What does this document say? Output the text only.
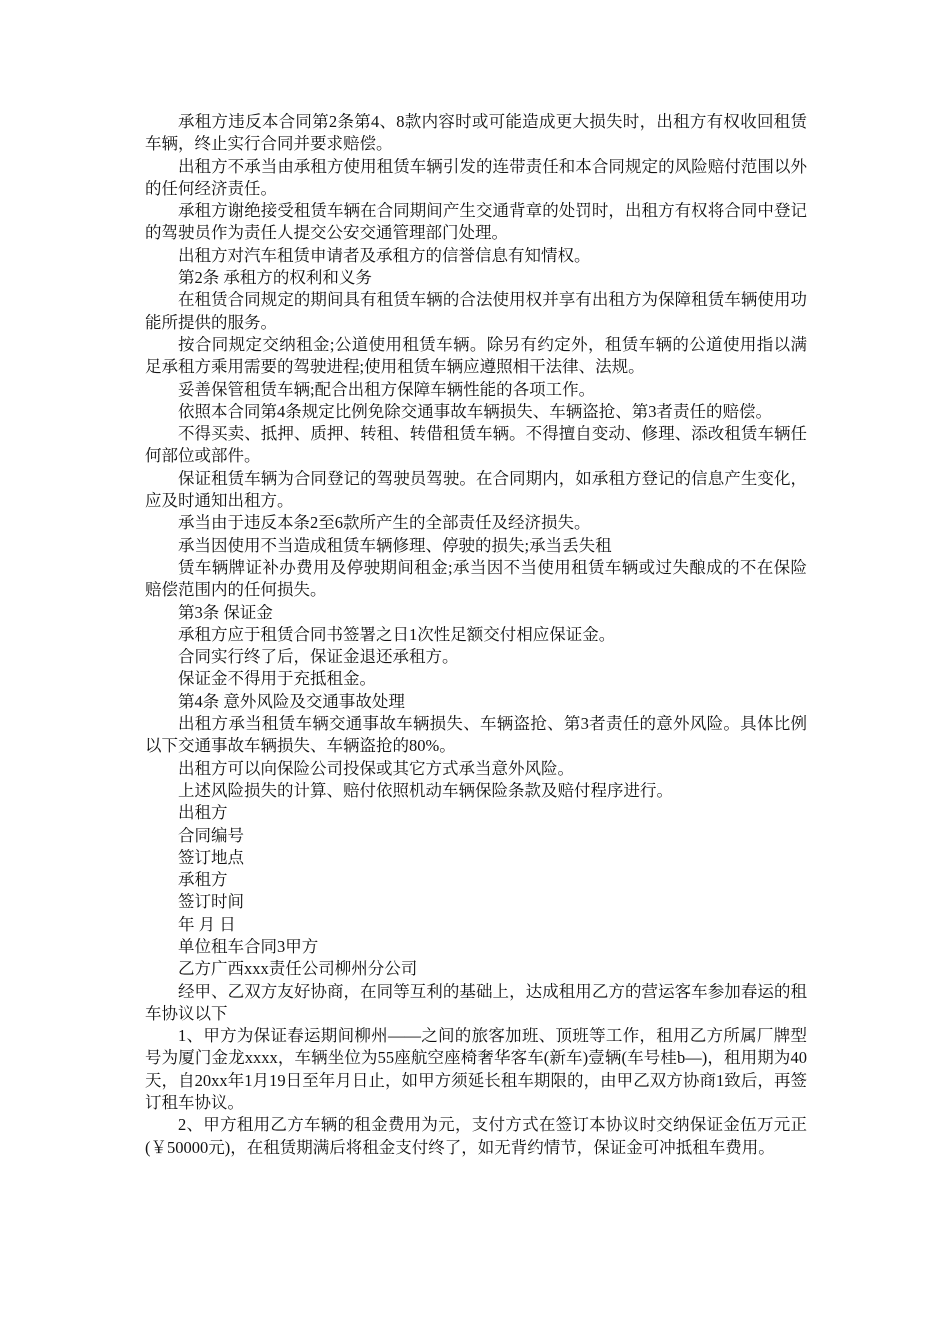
承租方违反本合同第2条第4、8款内容时或可能造成更大损失时，出租方有权收回租赁车辆，终止实行合同并要求赔偿。

出租方不承当由承租方使用租赁车辆引发的连带责任和本合同规定的风险赔付范围以外的任何经济责任。

承租方谢绝接受租赁车辆在合同期间产生交通背章的处罚时，出租方有权将合同中登记的驾驶员作为责任人提交公安交通管理部门处理。

出租方对汽车租赁申请者及承租方的信誉信息有知情权。

第2条 承租方的权利和义务

在租赁合同规定的期间具有租赁车辆的合法使用权并享有出租方为保障租赁车辆使用功能所提供的服务。

按合同规定交纳租金;公道使用租赁车辆。除另有约定外，租赁车辆的公道使用指以满足承租方乘用需要的驾驶进程;使用租赁车辆应遵照相干法律、法规。

妥善保管租赁车辆;配合出租方保障车辆性能的各项工作。

依照本合同第4条规定比例免除交通事故车辆损失、车辆盗抢、第3者责任的赔偿。

不得买卖、抵押、质押、转租、转借租赁车辆。不得擅自变动、修理、添改租赁车辆任何部位或部件。

保证租赁车辆为合同登记的驾驶员驾驶。在合同期内，如承租方登记的信息产生变化，应及时通知出租方。

承当由于违反本条2至6款所产生的全部责任及经济损失。

承当因使用不当造成租赁车辆修理、停驶的损失;承当丢失租

赁车辆牌证补办费用及停驶期间租金;承当因不当使用租赁车辆或过失酿成的不在保险赔偿范围内的任何损失。

第3条 保证金

承租方应于租赁合同书签署之日1次性足额交付相应保证金。

合同实行终了后，保证金退还承租方。

保证金不得用于充抵租金。

第4条 意外风险及交通事故处理

出租方承当租赁车辆交通事故车辆损失、车辆盗抢、第3者责任的意外风险。具体比例以下交通事故车辆损失、车辆盗抢的80%。

出租方可以向保险公司投保或其它方式承当意外风险。

上述风险损失的计算、赔付依照机动车辆保险条款及赔付程序进行。

出租方

合同编号

签订地点

承租方

签订时间

年 月 日

单位租车合同3甲方

乙方广西xxx责任公司柳州分公司

经甲、乙双方友好协商，在同等互利的基础上，达成租用乙方的营运客车参加春运的租车协议以下

1、甲方为保证春运期间柳州——之间的旅客加班、顶班等工作，租用乙方所属厂牌型号为厦门金龙xxxx，车辆坐位为55座航空座椅奢华客车(新车)壹辆(车号桂b—)，租用期为40天，自20xx年1月19日至年月日止，如甲方须延长租车期限的，由甲乙双方协商1致后，再签订租车协议。

2、甲方租用乙方车辆的租金费用为元，支付方式在签订本协议时交纳保证金伍万元正(￥50000元)，在租赁期满后将租金支付终了，如无背约情节，保证金可冲抵租车费用。
